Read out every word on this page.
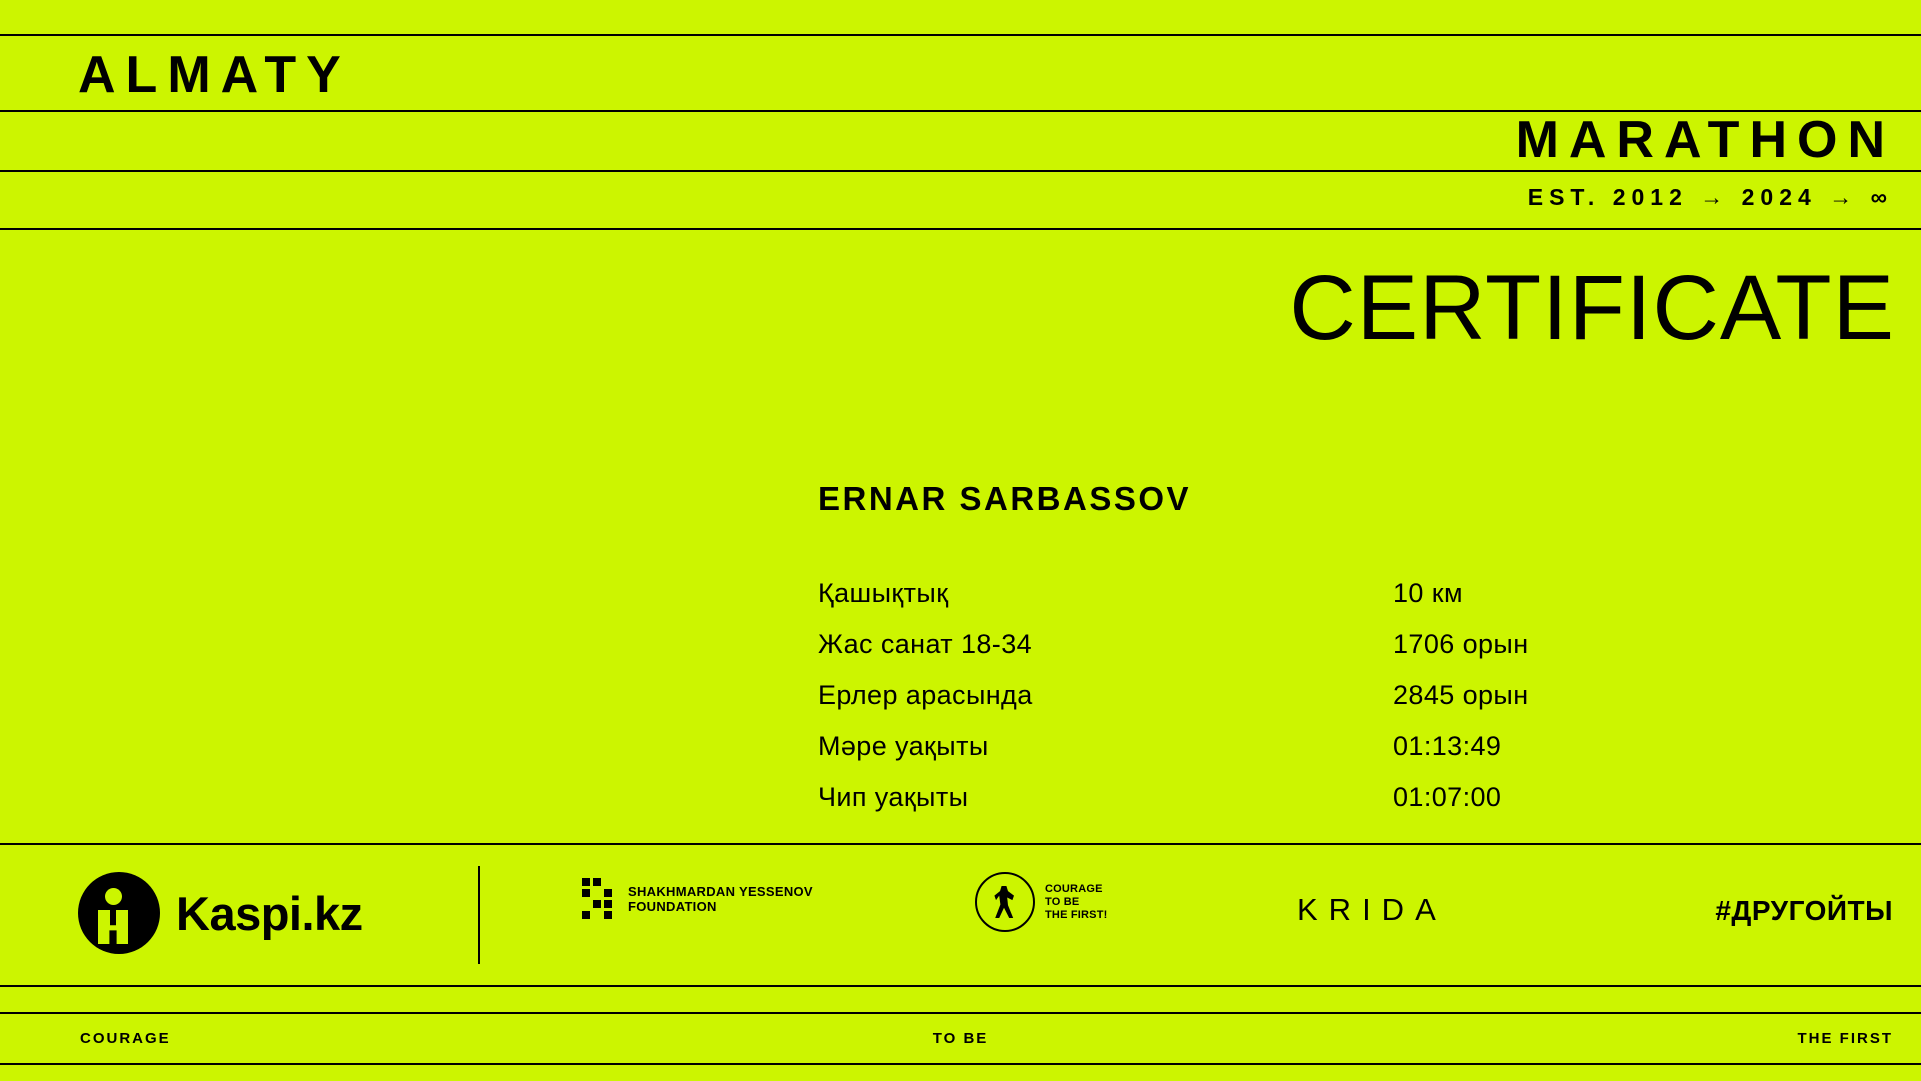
ALMATY
MARATHON
EST. 2012 → 2024 → ∞
CERTIFICATE
ERNAR SARBASSOV
Қашықтық	10 км
Жас санат 18-34	1706 орын
Ерлер арасында	2845 орын
Мәре уақыты	01:13:49
Чип уақыты	01:07:00
Kaspi.kz	SHAKHMARDAN YESSENOV
FOUNDATION
COURAGE
TO BE
THE FIRST!	KRIDA	#ДРУГОЙТЫ
COURAGE	TO BE	THE FIRST
